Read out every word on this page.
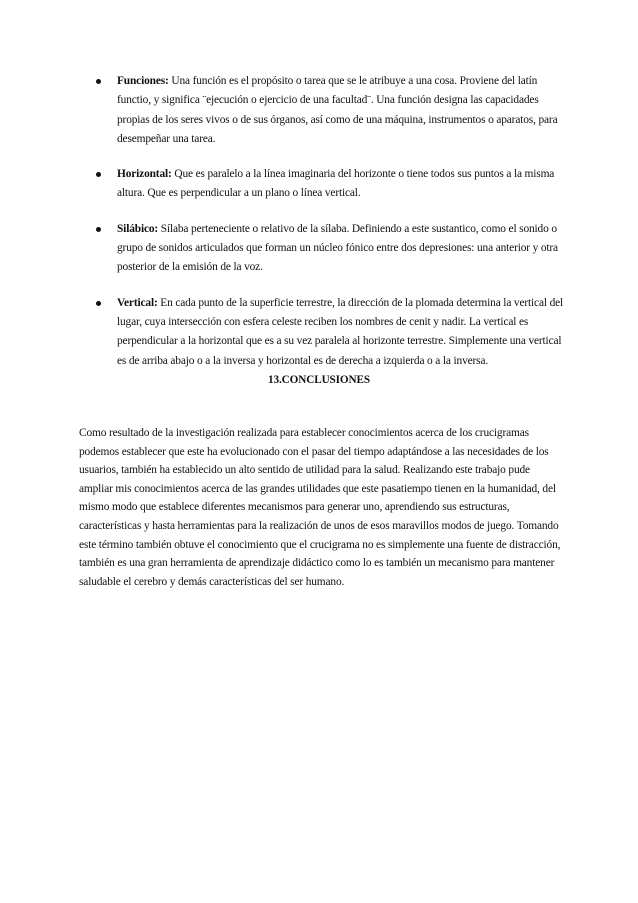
Funciones: Una función es el propósito o tarea que se le atribuye a una cosa. Proviene del latín functio, y significa ¨ejecución o ejercicio de una facultad¨. Una función designa las capacidades propias de los seres vivos o de sus órganos, así como de una máquina, instrumentos o aparatos, para desempeñar una tarea.
Horizontal: Que es paralelo a la línea imaginaria del horizonte o tiene todos sus puntos a la misma altura. Que es perpendicular a un plano o línea vertical.
Silábico: Sílaba perteneciente o relativo de la sílaba. Definiendo a este sustantico, como el sonido o grupo de sonidos articulados que forman un núcleo fónico entre dos depresiones: una anterior y otra posterior de la emisión de la voz.
Vertical: En cada punto de la superficie terrestre, la dirección de la plomada determina la vertical del lugar, cuya intersección con esfera celeste reciben los nombres de cenit y nadir. La vertical es perpendicular a la horizontal que es a su vez paralela al horizonte terrestre. Simplemente una vertical es de arriba abajo o a la inversa y horizontal es de derecha a izquierda o a la inversa.
13.CONCLUSIONES

Como resultado de la investigación realizada para establecer conocimientos acerca de los crucigramas podemos establecer que este ha evolucionado con el pasar del tiempo adaptándose a las necesidades de los usuarios, también ha establecido un alto sentido de utilidad para la salud. Realizando este trabajo pude ampliar mis conocimientos acerca de las grandes utilidades que este pasatiempo tienen en la humanidad, del mismo modo que establece diferentes mecanismos para generar uno, aprendiendo sus estructuras, características y hasta herramientas para la realización de unos de esos maravillos modos de juego. Tomando este término también obtuve el conocimiento que el crucigrama no es simplemente una fuente de distracción, también es una gran herramienta de aprendizaje didáctico como lo es también un mecanismo para mantener saludable el cerebro y demás características del ser humano.
